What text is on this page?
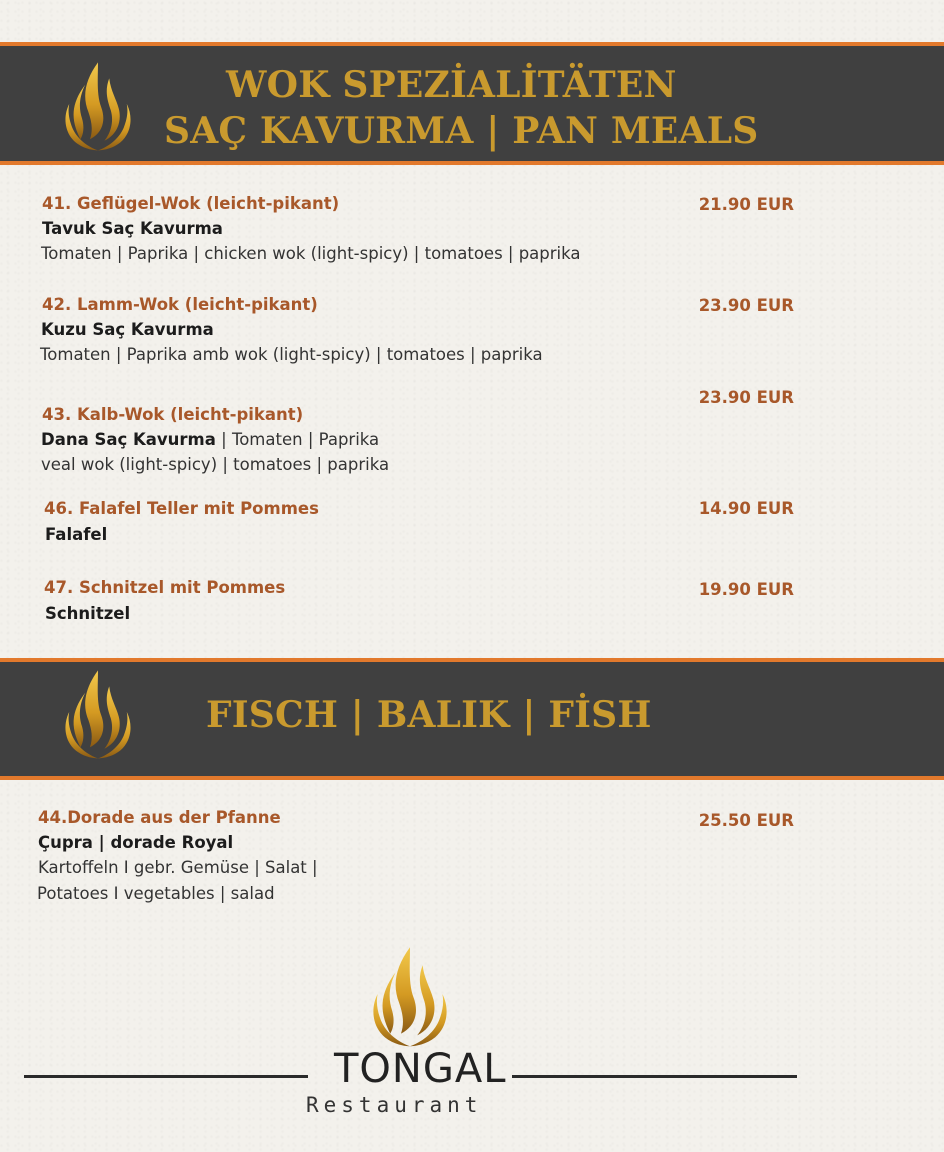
WOK SPEZİALİTÄTEN
SAÇ KAVURMA | PAN MEALS
41. Geflügel-Wok (leicht-pikant)
Tavuk Saç Kavurma
Tomaten | Paprika | chicken wok (light-spicy) | tomatoes | paprika
21.90 EUR
42. Lamm-Wok (leicht-pikant)
Kuzu Saç Kavurma
Tomaten | Paprika amb wok (light-spicy) | tomatoes | paprika
23.90 EUR
23.90 EUR
43. Kalb-Wok (leicht-pikant)
Dana Saç Kavurma | Tomaten | Paprika
veal wok (light-spicy) | tomatoes | paprika
46. Falafel Teller mit Pommes
Falafel
14.90 EUR
47. Schnitzel mit Pommes
Schnitzel
19.90 EUR
FISCH | BALIK | FİSH
44.Dorade aus der Pfanne
Çupra | dorade Royal
Kartoffeln I gebr. Gemüse | Salat |
Potatoes I vegetables | salad
25.50 EUR
TONGAL
Restaurant
